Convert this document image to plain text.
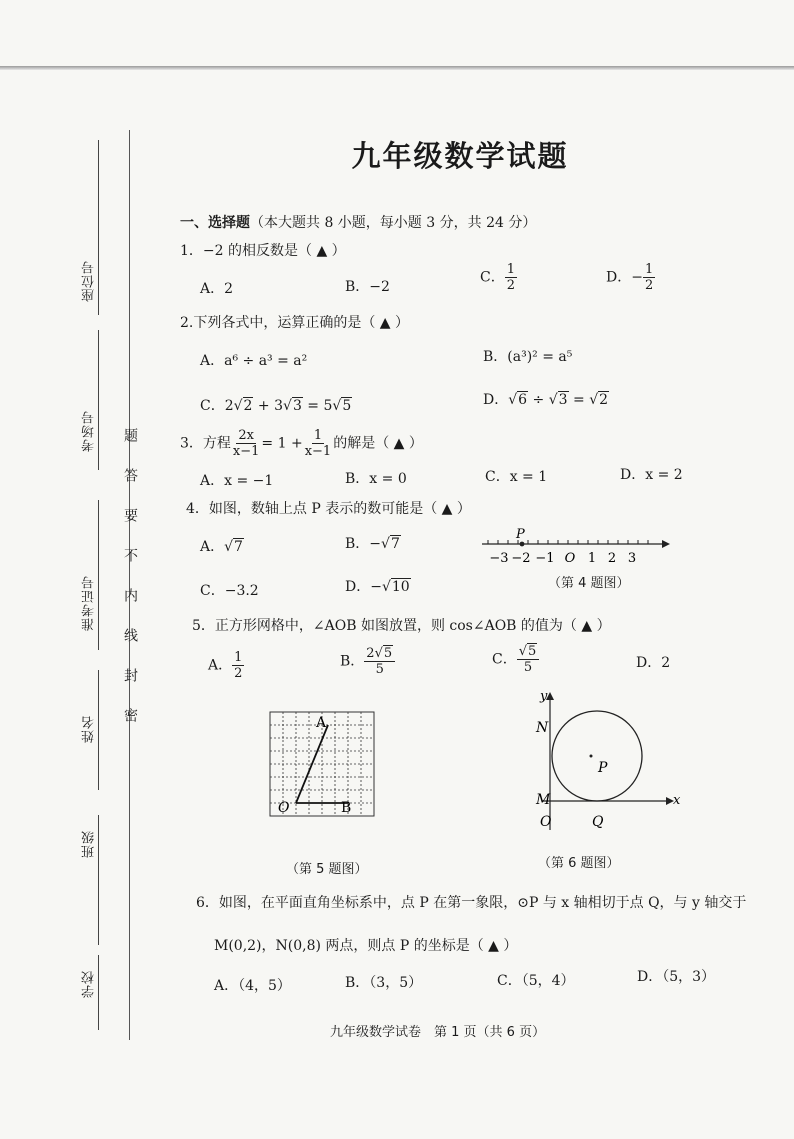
座位号
考场号
准考证号
姓名
班级
学校
题答要不内线封密
九年级数学试题
一、选择题（本大题共 8 小题，每小题 3 分，共 24 分）
1．−2 的相反数是（ ▲ ）
A．2	B．−2
C． $\frac{1}{2}$	D．− $\frac{1}{2}$
2.下列各式中，运算正确的是（ ▲ ）
A．a⁶ ÷ a³ = a²	B．(a³)² = a⁵
C．2√2 + 3√3 = 5√5	D．√6 ÷ √3 = √2
3．方程 $\frac{2x}{x-1} = 1 + \frac{1}{x-1}$ 的解是（ ▲ ）
A．x = −1	B．x = 0	C．x = 1	D．x = 2
4．如图，数轴上点 P 表示的数可能是（ ▲ ）
A．√7	B．−√7
C．−3.2	D．−√10
P
−3 −2 −1 O 1 2 3
（第 4 题图）
5．正方形网格中，∠AOB 如图放置，则 cos∠AOB 的值为（ ▲ ）
A． $\frac{1}{2}$	B． $\frac{2√5}{5}$	C． $\frac{√5}{5}$	D．2
A
O	B
（第 5 题图）
y
x
N
P
M
O	Q
（第 6 题图）
6．如图，在平面直角坐标系中，点 P 在第一象限，⊙P 与 x 轴相切于点 Q，与 y 轴交于
M(0,2)，N(0,8) 两点，则点 P 的坐标是（ ▲ ）
A．（4，5）	B．（3，5）	C．（5，4）	D．（5，3）
九年级数学试卷　第 1 页（共 6 页）
